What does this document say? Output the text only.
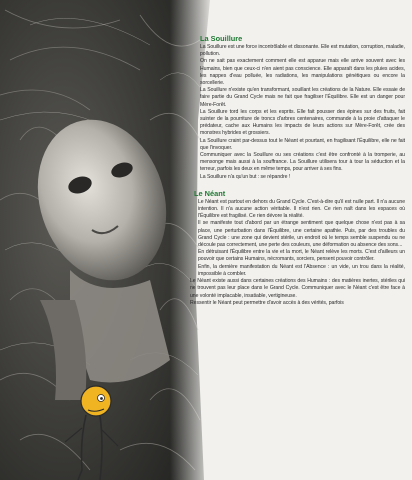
La Souillure

La Souillure est une force incontrôlable et dissonante. Elle est mutation, corruption, maladie, pollution.

On ne sait pas exactement comment elle est apparue mais elle arrive souvent avec les Humains, bien que ceux-ci n'en aient pas conscience. Elle apparaît dans les pluies acides, les nappes d'eau polluée, les radiations, les manipulations génétiques ou encore la sorcellerie.

La Souillure n'existe qu'en transformant, souillant les créations de la Nature. Elle essaie de faire partie du Grand Cycle mais ne fait que fragiliser l'Équilibre. Elle est un danger pour Mère-Forêt.

La Souillure tord les corps et les esprits. Elle fait pousser des épines sur des fruits, fait suinter de la pourriture de troncs d'arbres centenaires, commande à la proie d'attaquer le prédateur, cache aux Humains les impacts de leurs actions sur Mère-Forêt, crée des monstres hybrides et grossiers.

La Souillure craint par-dessus tout le Néant et pourtant, en fragilisant l'Équilibre, elle ne fait que l'invoquer.

Communiquer avec la Souillure ou ses créations c'est être confronté à la tromperie, au mensonge mais aussi à la souffrance. La Souillure utilisera tour à tour la séduction et la terreur, parfois les deux en même temps, pour arriver à ses fins.

La Souillure n'a qu'un but : se répandre !

Le Néant

Le Néant est partout en dehors du Grand Cycle. C'est-à-dire qu'il est nulle part. Il n'a aucune intention. Il n'a aucune action véritable. Il n'est rien. Ce rien naît dans les espaces où l'Équilibre est fragilisé. Ce rien dévore la réalité.

Il se manifeste tout d'abord par un étrange sentiment que quelque chose n'est pas à sa place, une perturbation dans l'Équilibre, une certaine apathie. Puis, par des troubles du Grand Cycle : une zone qui devient stérile, un endroit où le temps semble suspendu ou ne découle pas correctement, une perte des couleurs, une déformation ou absence des sons...

En détruisant l'Équilibre entre la vie et la mort, le Néant relève les morts. C'est d'ailleurs un pouvoir que certains Humains, nécromants, sorciers, pensent pouvoir contrôler.

Enfin, la dernière manifestation du Néant est l'Absence : un vide, un trou dans la réalité, impossible à combler.

Le Néant existe aussi dans certaines créations des Humains : des matières inertes, stériles qui ne trouvent pas leur place dans le Grand Cycle. Communiquer avec le Néant c'est être face à une volonté implacable, insatiable, vertigineuse.

Ressentir le Néant peut permettre d'avoir accès à des vérités, parfois
